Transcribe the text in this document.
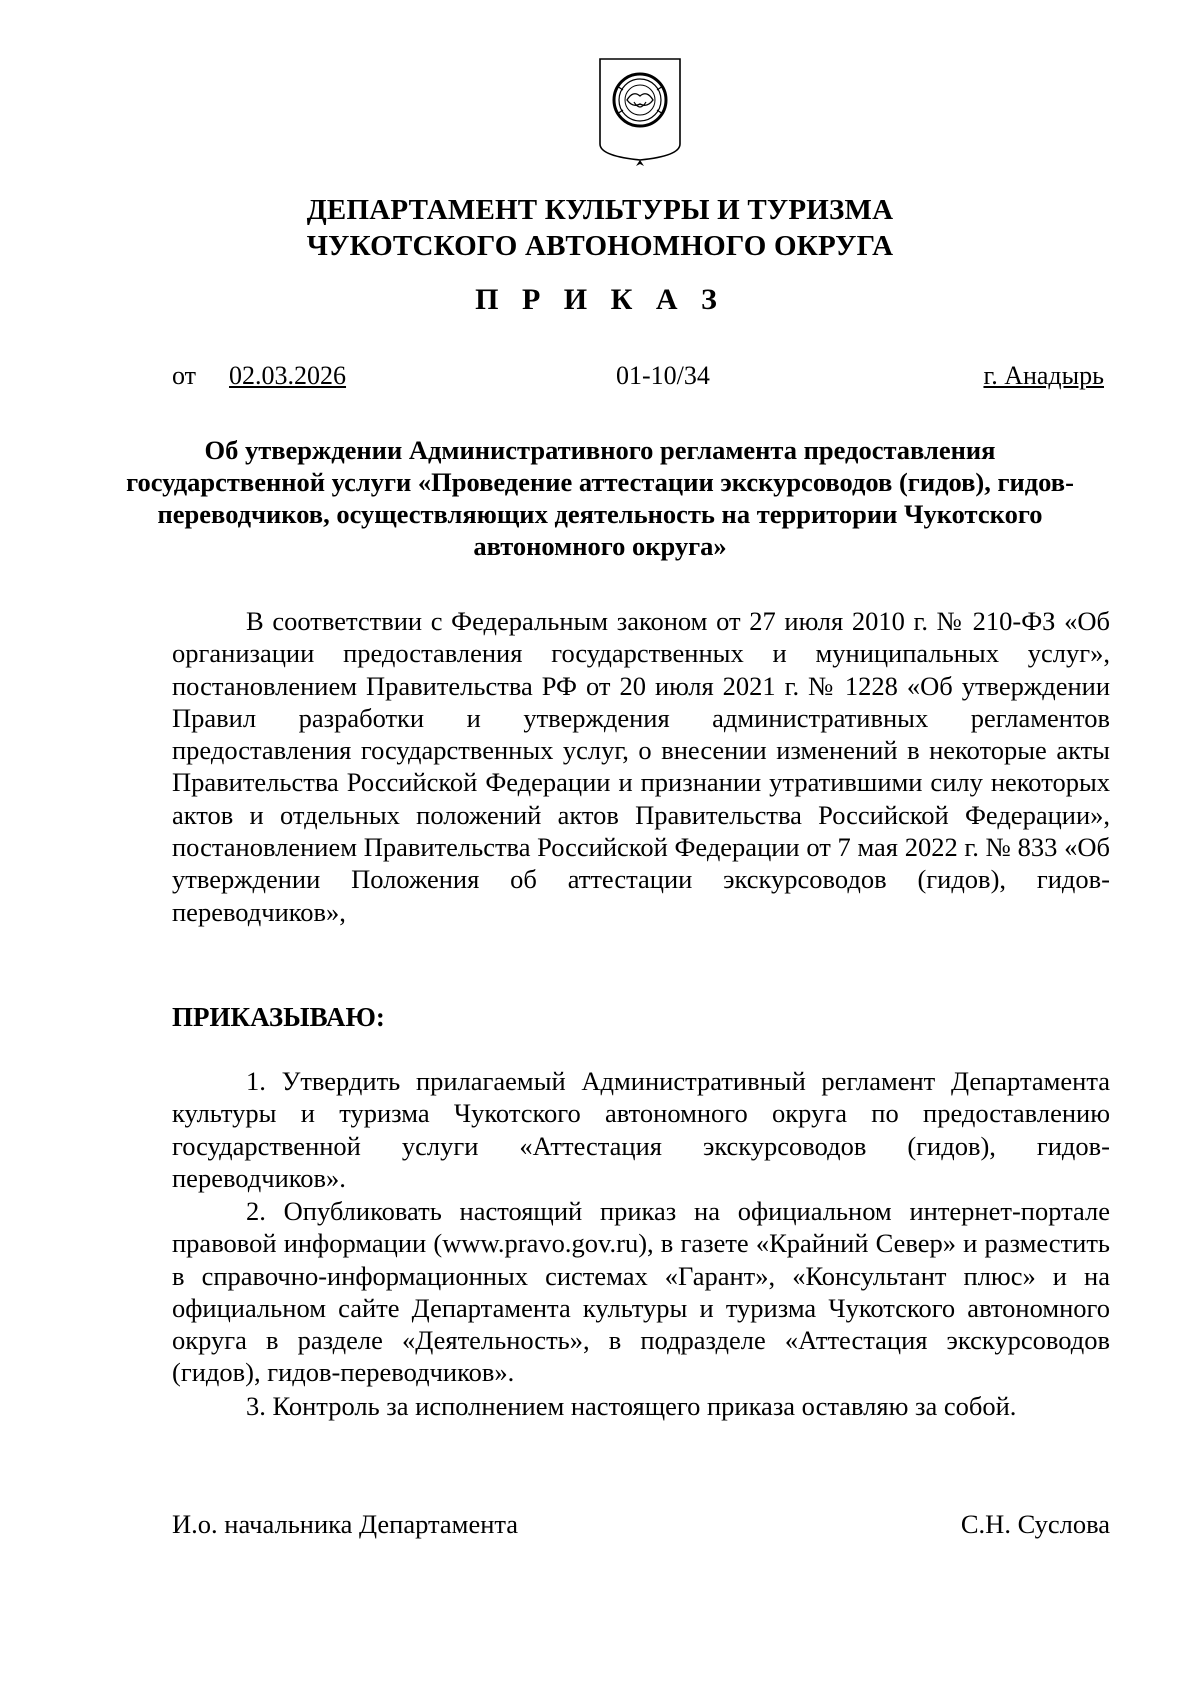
ДЕПАРТАМЕНТ КУЛЬТУРЫ И ТУРИЗМА
ЧУКОТСКОГО АВТОНОМНОГО ОКРУГА
П Р И К А З
от 02.03.2026	01-10/34	г. Анадырь
Об утверждении Административного регламента предоставления государственной услуги «Проведение аттестации экскурсоводов (гидов), гидов-переводчиков, осуществляющих деятельность на территории Чукотского автономного округа»
В соответствии с Федеральным законом от 27 июля 2010 г. № 210-ФЗ «Об организации предоставления государственных и муниципальных услуг», постановлением Правительства РФ от 20 июля 2021 г. № 1228 «Об утверждении Правил разработки и утверждения административных регламентов предоставления государственных услуг, о внесении изменений в некоторые акты Правительства Российской Федерации и признании утратившими силу некоторых актов и отдельных положений актов Правительства Российской Федерации», постановлением Правительства Российской Федерации от 7 мая 2022 г. № 833 «Об утверждении Положения об аттестации экскурсоводов (гидов), гидов-переводчиков»,
ПРИКАЗЫВАЮ:
1. Утвердить прилагаемый Административный регламент Департамента культуры и туризма Чукотского автономного округа по предоставлению государственной услуги «Аттестация экскурсоводов (гидов), гидов-переводчиков».
2. Опубликовать настоящий приказ на официальном интернет-портале правовой информации (www.pravo.gov.ru), в газете «Крайний Север» и разместить в справочно-информационных системах «Гарант», «Консультант плюс» и на официальном сайте Департамента культуры и туризма Чукотского автономного округа в разделе «Деятельность», в подразделе «Аттестация экскурсоводов (гидов), гидов-переводчиков».
3. Контроль за исполнением настоящего приказа оставляю за собой.
И.о. начальника Департамента	С.Н. Суслова
